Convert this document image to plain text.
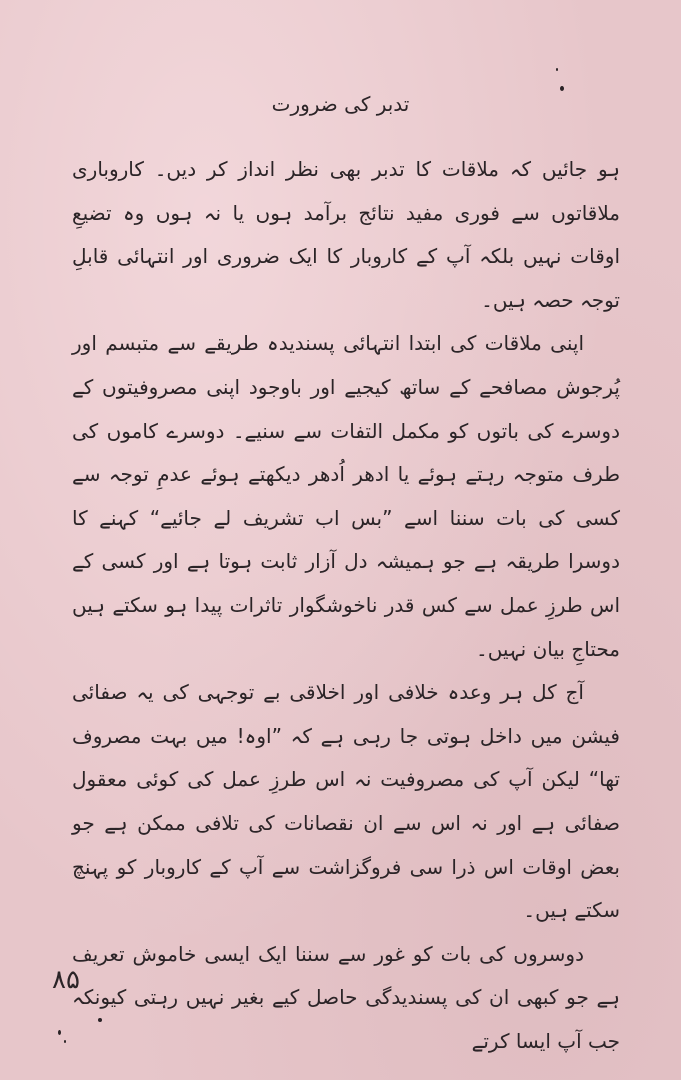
تدبر کی ضرورت

ہو جائیں کہ ملاقات کا تدبر بھی نظر انداز کر دیں۔ کاروباری ملاقاتوں سے فوری مفید نتائج برآمد ہوں یا نہ ہوں وہ تضیعِ اوقات نہیں بلکہ آپ کے کاروبار کا ایک ضروری اور انتہائی قابلِ توجہ حصہ ہیں۔

اپنی ملاقات کی ابتدا انتہائی پسندیدہ طریقے سے متبسم اور پُرجوش مصافحے کے ساتھ کیجیے اور باوجود اپنی مصروفیتوں کے دوسرے کی باتوں کو مکمل التفات سے سنیے۔ دوسرے کاموں کی طرف متوجہ رہتے ہوئے یا ادھر اُدھر دیکھتے ہوئے عدمِ توجہ سے کسی کی بات سننا اسے ”بس اب تشریف لے جائیے“ کہنے کا دوسرا طریقہ ہے جو ہمیشہ دل آزار ثابت ہوتا ہے اور کسی کے اس طرزِ عمل سے کس قدر ناخوشگوار تاثرات پیدا ہو سکتے ہیں محتاجِ بیان نہیں۔

آج کل ہر وعدہ خلافی اور اخلاقی بے توجہی کی یہ صفائی فیشن میں داخل ہوتی جا رہی ہے کہ ”اوہ! میں بہت مصروف تھا“ لیکن آپ کی مصروفیت نہ اس طرزِ عمل کی کوئی معقول صفائی ہے اور نہ اس سے ان نقصانات کی تلافی ممکن ہے جو بعض اوقات اس ذرا سی فروگزاشت سے آپ کے کاروبار کو پہنچ سکتے ہیں۔

دوسروں کی بات کو غور سے سننا ایک ایسی خاموش تعریف ہے جو کبھی ان کی پسندیدگی حاصل کیے بغیر نہیں رہتی کیونکہ جب آپ ایسا کرتے

۸۵
